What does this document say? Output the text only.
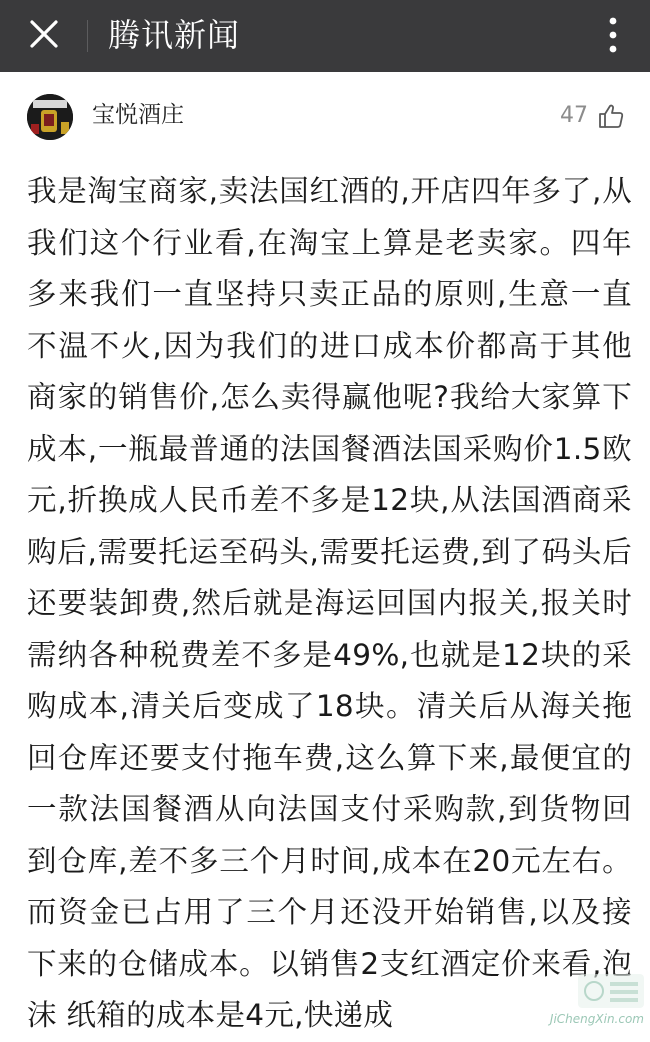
腾讯新闻
宝悦酒庄	47

我是淘宝商家,卖法国红酒的,开店四年多了,从我们这个行业看,在淘宝上算是老卖家。四年多来我们一直坚持只卖正品的原则,生意一直不温不火,因为我们的进口成本价都高于其他商家的销售价,怎么卖得赢他呢?我给大家算下成本,一瓶最普通的法国餐酒法国采购价1.5欧元,折换成人民币差不多是12块,从法国酒商采购后,需要托运至码头,需要托运费,到了码头后还要装卸费,然后就是海运回国内报关,报关时需纳各种税费差不多是49%,也就是12块的采购成本,清关后变成了18块。清关后从海关拖回仓库还要支付拖车费,这么算下来,最便宜的一款法国餐酒从向法国支付采购款,到货物回到仓库,差不多三个月时间,成本在20元左右。而资金已占用了三个月还没开始销售,以及接下来的仓储成本。以销售2支红酒定价来看,泡沫 纸箱的成本是4元,快递成	JiChengXin.com
